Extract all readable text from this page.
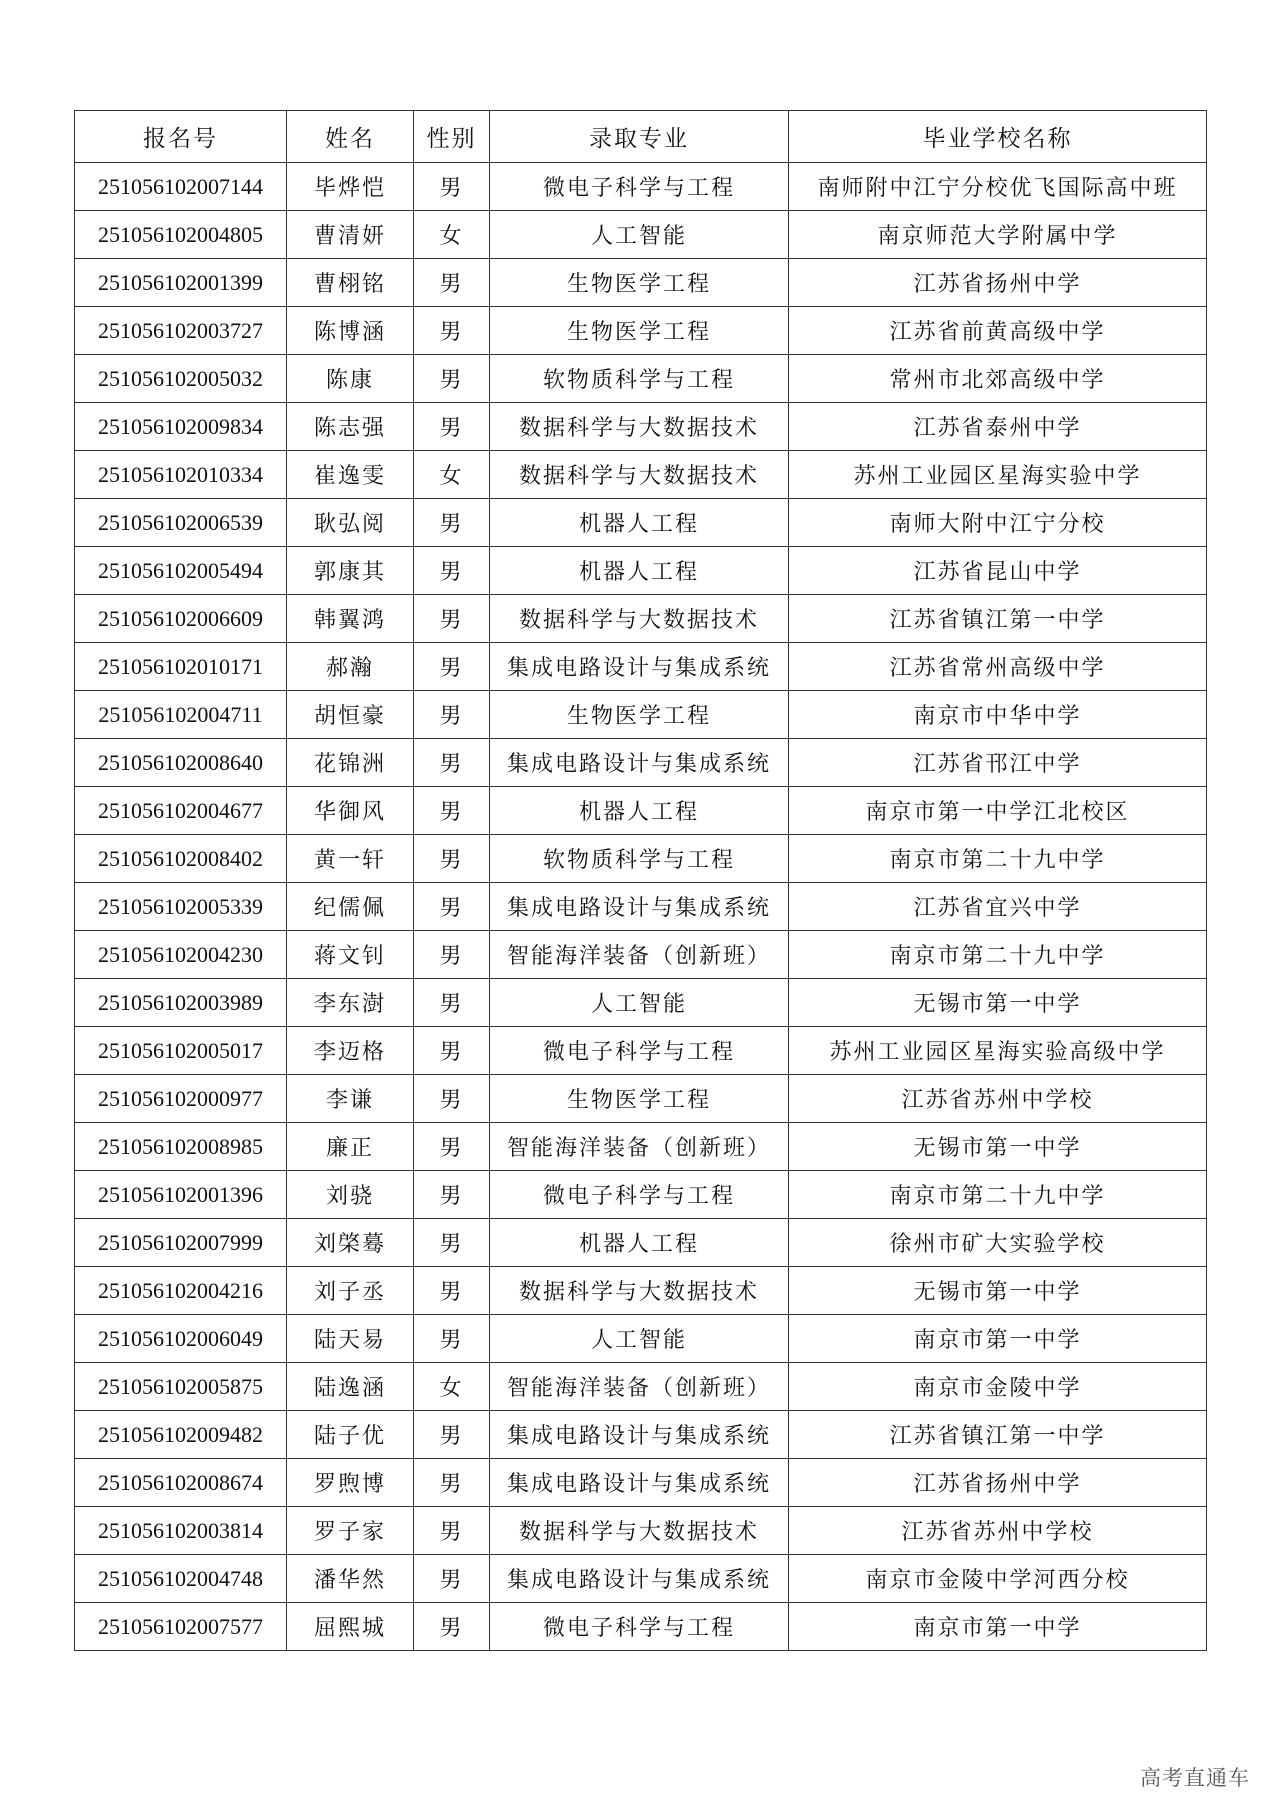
报名号	姓名	性别	录取专业	毕业学校名称
251056102007144	毕烨恺	男	微电子科学与工程	南师附中江宁分校优飞国际高中班
251056102004805	曹清妍	女	人工智能	南京师范大学附属中学
251056102001399	曹栩铭	男	生物医学工程	江苏省扬州中学
251056102003727	陈博涵	男	生物医学工程	江苏省前黄高级中学
251056102005032	陈康	男	软物质科学与工程	常州市北郊高级中学
251056102009834	陈志强	男	数据科学与大数据技术	江苏省泰州中学
251056102010334	崔逸雯	女	数据科学与大数据技术	苏州工业园区星海实验中学
251056102006539	耿弘阅	男	机器人工程	南师大附中江宁分校
251056102005494	郭康其	男	机器人工程	江苏省昆山中学
251056102006609	韩翼鸿	男	数据科学与大数据技术	江苏省镇江第一中学
251056102010171	郝瀚	男	集成电路设计与集成系统	江苏省常州高级中学
251056102004711	胡恒豪	男	生物医学工程	南京市中华中学
251056102008640	花锦洲	男	集成电路设计与集成系统	江苏省邗江中学
251056102004677	华御风	男	机器人工程	南京市第一中学江北校区
251056102008402	黄一轩	男	软物质科学与工程	南京市第二十九中学
251056102005339	纪儒佩	男	集成电路设计与集成系统	江苏省宜兴中学
251056102004230	蒋文钊	男	智能海洋装备（创新班）	南京市第二十九中学
251056102003989	李东澍	男	人工智能	无锡市第一中学
251056102005017	李迈格	男	微电子科学与工程	苏州工业园区星海实验高级中学
251056102000977	李谦	男	生物医学工程	江苏省苏州中学校
251056102008985	廉正	男	智能海洋装备（创新班）	无锡市第一中学
251056102001396	刘骁	男	微电子科学与工程	南京市第二十九中学
251056102007999	刘棨蓦	男	机器人工程	徐州市矿大实验学校
251056102004216	刘子丞	男	数据科学与大数据技术	无锡市第一中学
251056102006049	陆天易	男	人工智能	南京市第一中学
251056102005875	陆逸涵	女	智能海洋装备（创新班）	南京市金陵中学
251056102009482	陆子优	男	集成电路设计与集成系统	江苏省镇江第一中学
251056102008674	罗煦博	男	集成电路设计与集成系统	江苏省扬州中学
251056102003814	罗子家	男	数据科学与大数据技术	江苏省苏州中学校
251056102004748	潘华然	男	集成电路设计与集成系统	南京市金陵中学河西分校
251056102007577	屈熙城	男	微电子科学与工程	南京市第一中学
高考直通车
